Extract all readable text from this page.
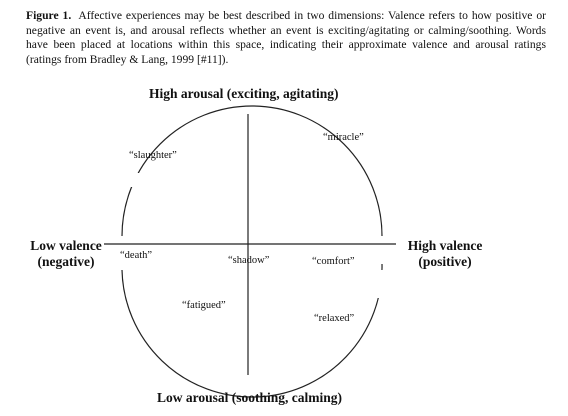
Figure 1. Affective experiences may be best described in two dimensions: Valence refers to how positive or negative an event is, and arousal reflects whether an event is exciting/agitating or calming/soothing. Words have been placed at locations within this space, indicating their approximate valence and arousal ratings (ratings from Bradley & Lang, 1999 [#11]).
High arousal (exciting, agitating)
Low arousal (soothing, calming)
Low valence
(negative)
High valence
(positive)
“miracle”
“slaughter”
“death”	“shadow”	“comfort”
“fatigued”
“relaxed”
